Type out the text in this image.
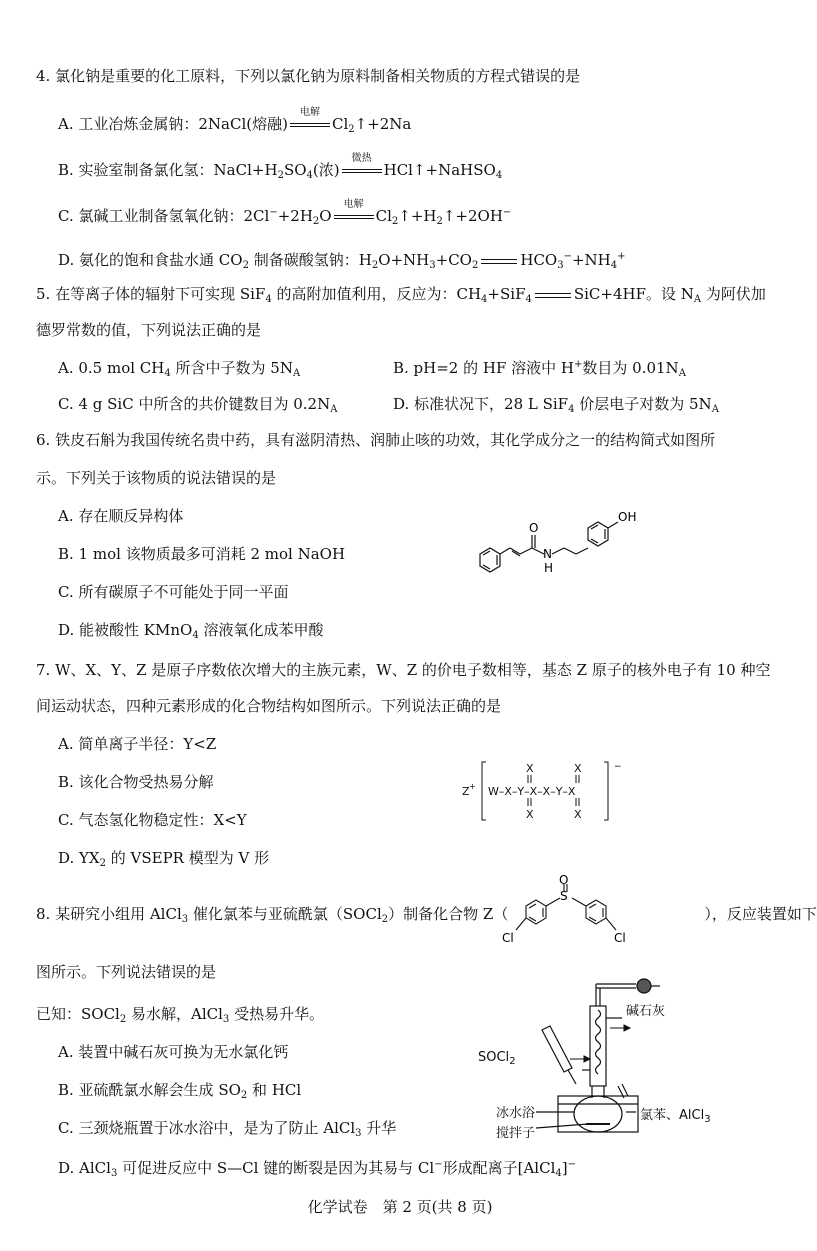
4. 氯化钠是重要的化工原料，下列以氯化钠为原料制备相关物质的方程式错误的是
A. 工业冶炼金属钠：2NaCl(熔融)
电解
$Cl_2↑+2Na$
B. 实验室制备氯化氢：$NaCl+H_2SO_4$(浓)
微热
HCl↑+NaHSO$_4$
C. 氯碱工业制备氢氧化钠：$2Cl^-+2H_2O$
电解
$Cl_2↑+H_2↑+2OH^-$
D. 氨化的饱和食盐水通 $CO_2$ 制备碳酸氢钠：$H_2O+NH_3+CO_2$	$HCO_3^-+NH_4^+$
5. 在等离子体的辐射下可实现 SiF$_4$ 的高附加值利用，反应为：$CH_4+SiF_4$	SiC+4HF。设 $N_A$ 为阿伏加
德罗常数的值，下列说法正确的是
A. 0.5 mol $CH_4$ 所含中子数为 $5N_A$	B. pH=2 的 HF 溶液中 H+数目为 $0.01N_A$
C. 4 g SiC 中所含的共价键数目为 $0.2N_A$	D. 标准状况下，28 L SiF$_4$ 价层电子对数为 $5N_A$
6. 铁皮石斛为我国传统名贵中药，具有滋阴清热、润肺止咳的功效，其化学成分之一的结构简式如图所
示。下列关于该物质的说法错误的是
A. 存在顺反异构体
B. 1 mol 该物质最多可消耗 2 mol NaOH
C. 所有碳原子不可能处于同一平面
D. 能被酸性 KMnO$_4$ 溶液氧化成苯甲酸
O
N
H
OH
7. W、X、Y、Z 是原子序数依次增大的主族元素，W、Z 的价电子数相等，基态 Z 原子的核外电子有 10 种空
间运动状态，四种元素形成的化合物结构如图所示。下列说法正确的是
A. 简单离子半径：Y<Z
B. 该化合物受热易分解
C. 气态氢化物稳定性：X<Y
D. $YX_2$ 的 VSEPR 模型为 V 形
Z + W–X–Y–X–X–Y–X
X
X
X
X
−
8. 某研究小组用 AlCl$_3$ 催化氯苯与亚硫酰氯（SOCl$_2$）制备化合物 Z（	），反应装置如下
S
O
Cl	Cl
图所示。下列说法错误的是
已知：SOCl$_2$ 易水解，AlCl$_3$ 受热易升华。
A. 装置中碱石灰可换为无水氯化钙
B. 亚硫酰氯水解会生成 $SO_2$ 和 HCl
C. 三颈烧瓶置于冰水浴中，是为了防止 AlCl$_3$ 升华
D. AlCl$_3$ 可促进反应中 S—Cl 键的断裂是因为其易与 Cl−形成配离子[AlCl$_4$]−
碱石灰
SOCl$_2$
冰水浴
搅拌子
氯苯、AlCl$_3$
化学试卷　第 2 页(共 8 页)
